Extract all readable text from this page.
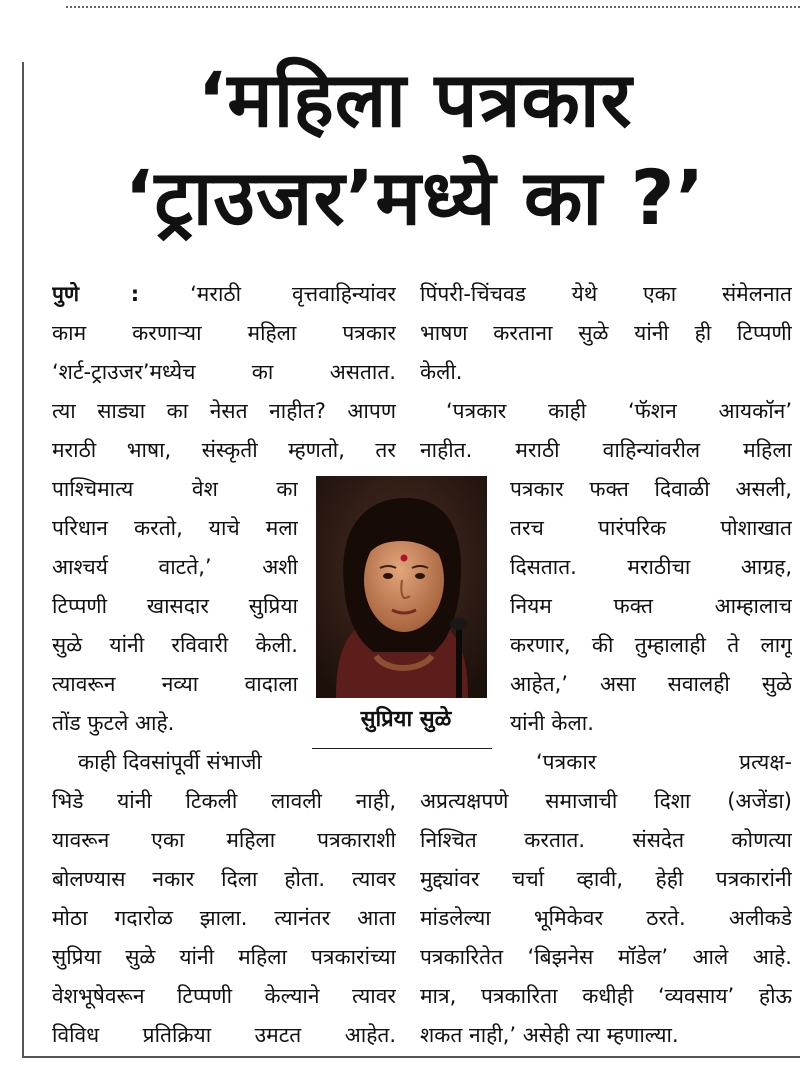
‘महिला पत्रकार
‘ट्राउजर’मध्ये का ?’
पुणे : ‘मराठी वृत्तवाहिन्यांवर
काम करणाऱ्या महिला पत्रकार
‘शर्ट-ट्राउजर’मध्येच का असतात.
त्या साड्या का नेसत नाहीत? आपण
मराठी भाषा, संस्कृती म्हणतो, तर
पाश्चिमात्य वेश का
परिधान करतो, याचे मला
आश्चर्य वाटते,’ अशी
टिप्पणी खासदार सुप्रिया
सुळे यांनी रविवारी केली.
त्यावरून नव्या वादाला
तोंड फुटले आहे.
काही दिवसांपूर्वी संभाजी
भिडे यांनी टिकली लावली नाही,
यावरून एका महिला पत्रकाराशी
बोलण्यास नकार दिला होता. त्यावर
मोठा गदारोळ झाला. त्यानंतर आता
सुप्रिया सुळे यांनी महिला पत्रकारांच्या
वेशभूषेवरून टिप्पणी केल्याने त्यावर
विविध प्रतिक्रिया उमटत आहेत.
पिंपरी-चिंचवड येथे एका संमेलनात
भाषण करताना सुळे यांनी ही टिप्पणी
केली.
‘पत्रकार काही ‘फॅशन आयकॉन’
नाहीत. मराठी वाहिन्यांवरील महिला
पत्रकार फक्त दिवाळी असली,
तरच पारंपरिक पोशाखात
दिसतात. मराठीचा आग्रह,
नियम फक्त आम्हालाच
करणार, की तुम्हालाही ते लागू
आहेत,’ असा सवालही सुळे
यांनी केला.
‘पत्रकार प्रत्यक्ष-
अप्रत्यक्षपणे समाजाची दिशा (अजेंडा)
निश्चित करतात. संसदेत कोणत्या
मुद्द्यांवर चर्चा व्हावी, हेही पत्रकारांनी
मांडलेल्या भूमिकेवर ठरते. अलीकडे
पत्रकारितेत ‘बिझनेस मॉडेल’ आले आहे.
मात्र, पत्रकारिता कधीही ‘व्यवसाय’ होऊ
शकत नाही,’ असेही त्या म्हणाल्या.
सुप्रिया सुळे
